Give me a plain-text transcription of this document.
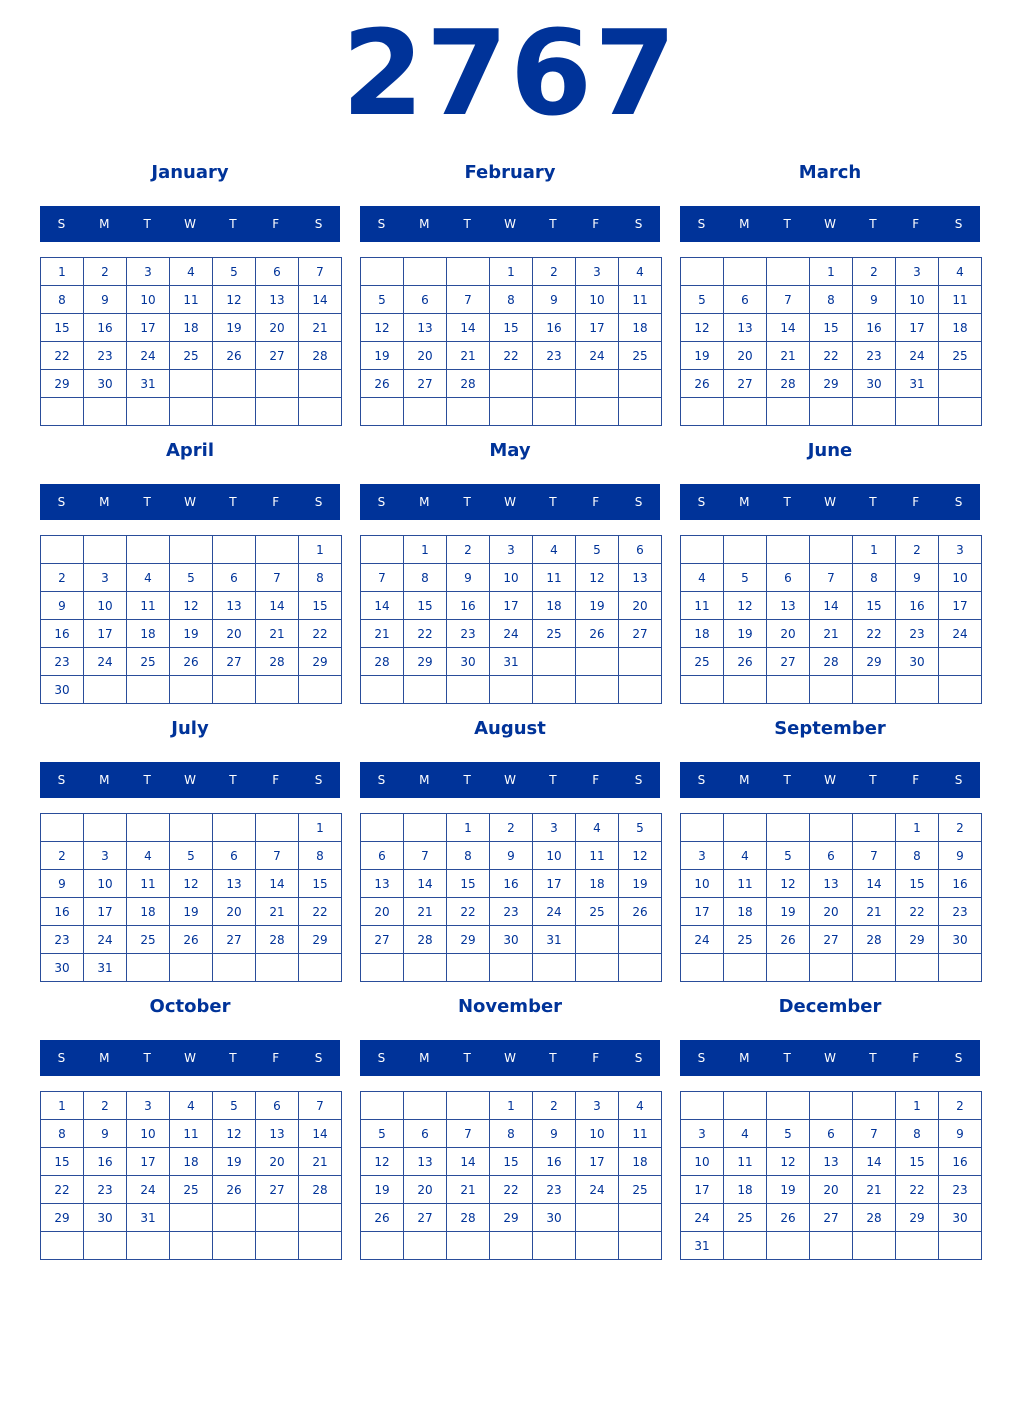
2767
January
S	M	T	W	T	F	S
1	2	3	4	5	6	7
8	9	10	11	12	13	14
15	16	17	18	19	20	21
22	23	24	25	26	27	28
29	30	31				

February
S	M	T	W	T	F	S
			1	2	3	4
5	6	7	8	9	10	11
12	13	14	15	16	17	18
19	20	21	22	23	24	25
26	27	28				

March
S	M	T	W	T	F	S
			1	2	3	4
5	6	7	8	9	10	11
12	13	14	15	16	17	18
19	20	21	22	23	24	25
26	27	28	29	30	31	

April
S	M	T	W	T	F	S
						1
2	3	4	5	6	7	8
9	10	11	12	13	14	15
16	17	18	19	20	21	22
23	24	25	26	27	28	29
30						
May
S	M	T	W	T	F	S
	1	2	3	4	5	6
7	8	9	10	11	12	13
14	15	16	17	18	19	20
21	22	23	24	25	26	27
28	29	30	31			

June
S	M	T	W	T	F	S
				1	2	3
4	5	6	7	8	9	10
11	12	13	14	15	16	17
18	19	20	21	22	23	24
25	26	27	28	29	30	

July
S	M	T	W	T	F	S
						1
2	3	4	5	6	7	8
9	10	11	12	13	14	15
16	17	18	19	20	21	22
23	24	25	26	27	28	29
30	31					
August
S	M	T	W	T	F	S
		1	2	3	4	5
6	7	8	9	10	11	12
13	14	15	16	17	18	19
20	21	22	23	24	25	26
27	28	29	30	31		

September
S	M	T	W	T	F	S
					1	2
3	4	5	6	7	8	9
10	11	12	13	14	15	16
17	18	19	20	21	22	23
24	25	26	27	28	29	30

October
S	M	T	W	T	F	S
1	2	3	4	5	6	7
8	9	10	11	12	13	14
15	16	17	18	19	20	21
22	23	24	25	26	27	28
29	30	31				

November
S	M	T	W	T	F	S
			1	2	3	4
5	6	7	8	9	10	11
12	13	14	15	16	17	18
19	20	21	22	23	24	25
26	27	28	29	30		

December
S	M	T	W	T	F	S
					1	2
3	4	5	6	7	8	9
10	11	12	13	14	15	16
17	18	19	20	21	22	23
24	25	26	27	28	29	30
31						
